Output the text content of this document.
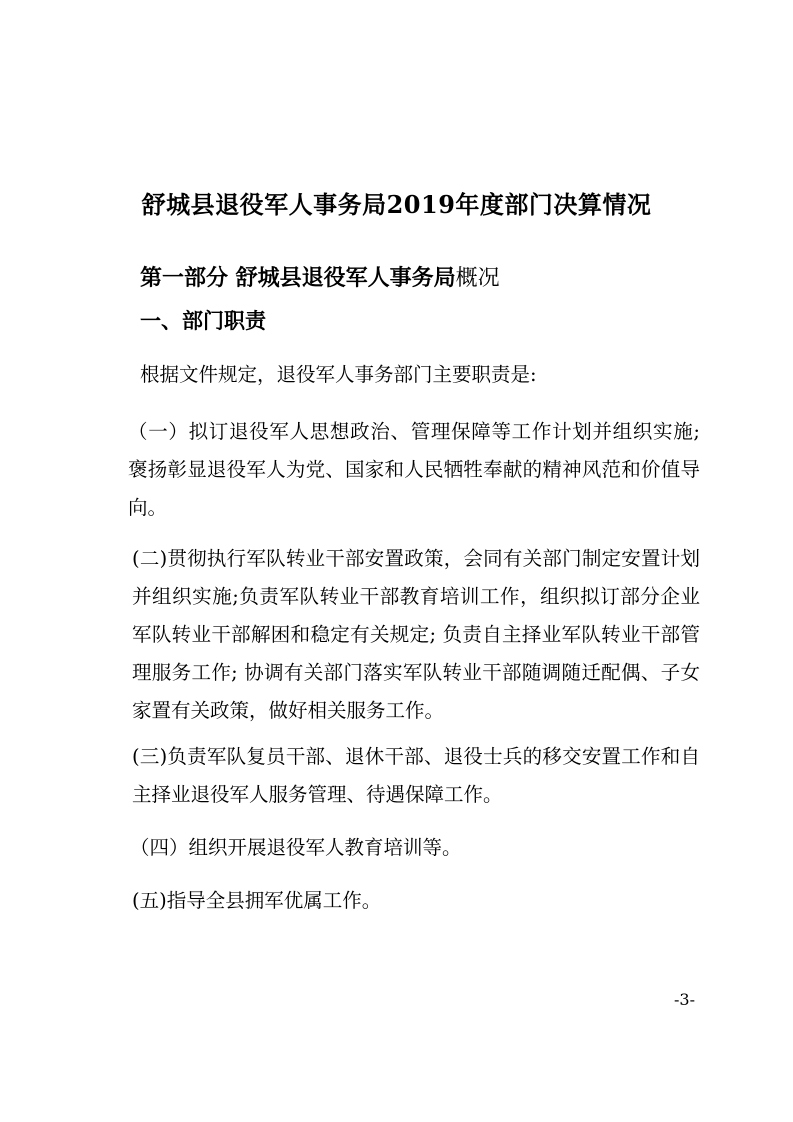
舒城县退役军人事务局2019年度部门决算情况
第一部分 舒城县退役军人事务局概况
一、部门职责

根据文件规定，退役军人事务部门主要职责是:

（一）拟订退役军人思想政治、管理保障等工作计划并组织实施;褒扬彰显退役军人为党、国家和人民牺牲奉献的精神风范和价值导向。

(二)贯彻执行军队转业干部安置政策，会同有关部门制定安置计划并组织实施;负责军队转业干部教育培训工作，组织拟订部分企业军队转业干部解困和稳定有关规定; 负责自主择业军队转业干部管理服务工作; 协调有关部门落实军队转业干部随调随迁配偶、子女家置有关政策，做好相关服务工作。

(三)负责军队复员干部、退休干部、退役士兵的移交安置工作和自主择业退役军人服务管理、待遇保障工作。

（四）组织开展退役军人教育培训等。

(五)指导全县拥军优属工作。

-3-
